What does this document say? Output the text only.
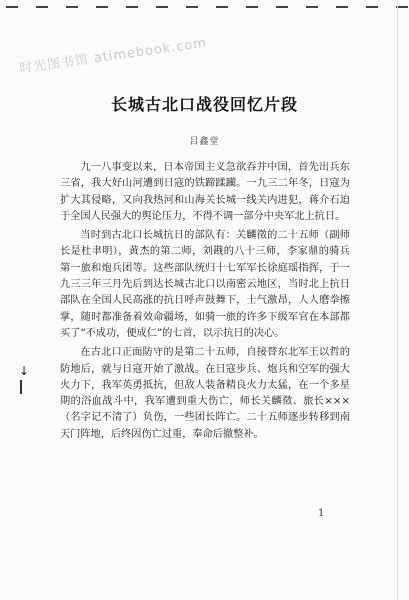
时光图书馆 atimebook.com
长城古北口战役回忆片段
吕鑫堂

九一八事变以来，日本帝国主义急欲吞并中国，首先出兵东三省，我大好山河遭到日寇的铁蹄蹂躏。一九三二年冬，日寇为扩大其侵略，又向我热河和山海关长城一线关内进犯，蒋介石迫于全国人民强大的舆论压力，不得不调一部分中央军北上抗日。

当时到古北口长城抗日的部队有：关麟徵的二十五师（副师长是杜聿明），黄杰的第二师，刘戡的八十三师，李家鼎的骑兵第一旅和炮兵团等。这些部队统归十七军军长徐庭瑶指挥，于一九三三年三月先后到达长城古北口以南密云地区，当时北上抗日部队在全国人民高涨的抗日呼声鼓舞下，士气激昂，人人磨拳擦掌，随时都准备着效命疆场，如骑一旅的许多下级军官在本部都买了“不成功，便成仁”的七首，以示抗日的决心。

在古北口正面防守的是第二十五师，自接替东北军王以哲的防地后，就与日寇开始了激战。在日寇步兵、炮兵和空军的强大火力下，我军英勇抵抗，但敌人装备精良火力太猛，在一个多星期的浴血战斗中，我军遭到重大伤亡，师长关麟徵、旅长×××（名字记不清了）负伤，一些团长阵亡。二十五师逐步转移到南天门阵地，后终因伤亡过重，奉命后撤整补。

↓
1
